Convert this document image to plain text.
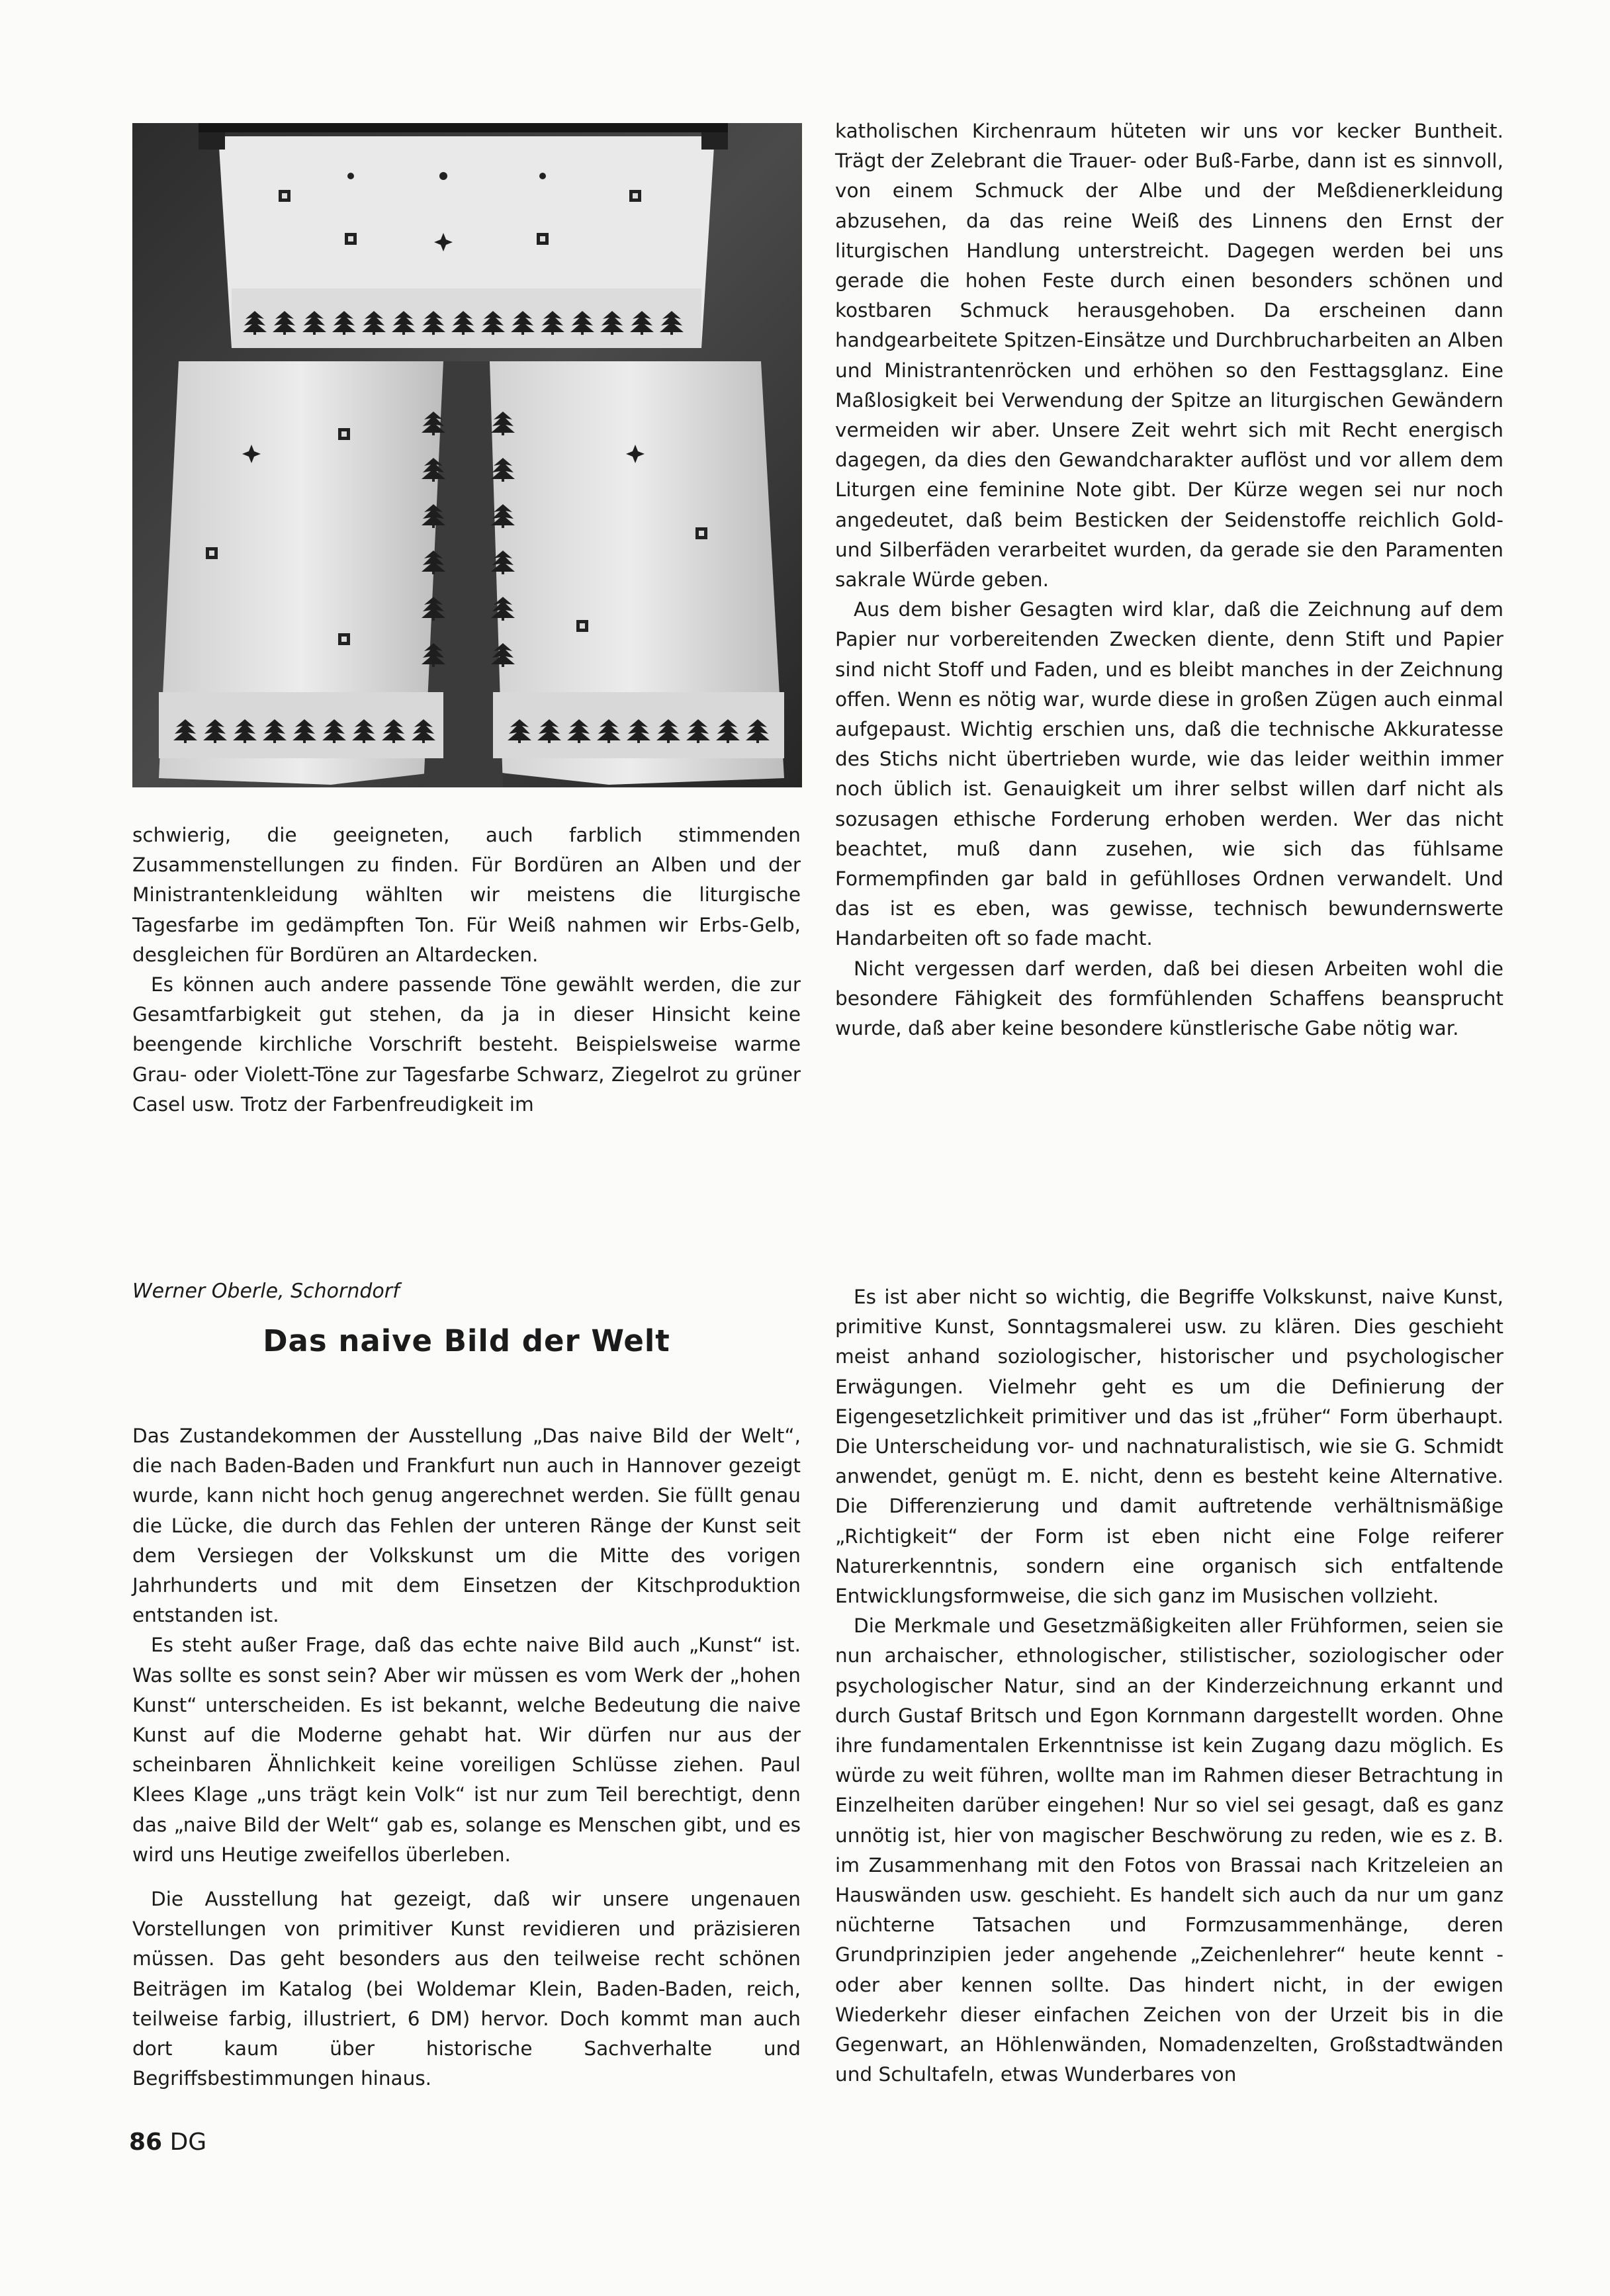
schwierig, die geeigneten, auch farblich stimmenden Zusammenstellungen zu finden. Für Bordüren an Alben und der Ministrantenkleidung wählten wir meistens die liturgische Tagesfarbe im gedämpften Ton. Für Weiß nahmen wir Erbs-Gelb, desgleichen für Bordüren an Altardecken.

Es können auch andere passende Töne gewählt werden, die zur Gesamtfarbigkeit gut stehen, da ja in dieser Hinsicht keine beengende kirchliche Vorschrift besteht. Beispielsweise warme Grau- oder Violett-Töne zur Tagesfarbe Schwarz, Ziegelrot zu grüner Casel usw. Trotz der Farbenfreudigkeit im

katholischen Kirchenraum hüteten wir uns vor kecker Buntheit. Trägt der Zelebrant die Trauer- oder Buß-Farbe, dann ist es sinnvoll, von einem Schmuck der Albe und der Meßdienerkleidung abzusehen, da das reine Weiß des Linnens den Ernst der liturgischen Handlung unterstreicht. Dagegen werden bei uns gerade die hohen Feste durch einen besonders schönen und kostbaren Schmuck herausgehoben. Da erscheinen dann handgearbeitete Spitzen-Einsätze und Durchbrucharbeiten an Alben und Ministrantenröcken und erhöhen so den Festtagsglanz. Eine Maßlosigkeit bei Verwendung der Spitze an liturgischen Gewändern vermeiden wir aber. Unsere Zeit wehrt sich mit Recht energisch dagegen, da dies den Gewandcharakter auflöst und vor allem dem Liturgen eine feminine Note gibt. Der Kürze wegen sei nur noch angedeutet, daß beim Besticken der Seidenstoffe reichlich Gold- und Silberfäden verarbeitet wurden, da gerade sie den Paramenten sakrale Würde geben.

Aus dem bisher Gesagten wird klar, daß die Zeichnung auf dem Papier nur vorbereitenden Zwecken diente, denn Stift und Papier sind nicht Stoff und Faden, und es bleibt manches in der Zeichnung offen. Wenn es nötig war, wurde diese in großen Zügen auch einmal aufgepaust. Wichtig erschien uns, daß die technische Akkuratesse des Stichs nicht übertrieben wurde, wie das leider weithin immer noch üblich ist. Genauigkeit um ihrer selbst willen darf nicht als sozusagen ethische Forderung erhoben werden. Wer das nicht beachtet, muß dann zusehen, wie sich das fühlsame Formempfinden gar bald in gefühlloses Ordnen verwandelt. Und das ist es eben, was gewisse, technisch bewundernswerte Handarbeiten oft so fade macht.

Nicht vergessen darf werden, daß bei diesen Arbeiten wohl die besondere Fähigkeit des formfühlenden Schaffens beansprucht wurde, daß aber keine besondere künstlerische Gabe nötig war.

Werner Oberle, Schorndorf
Das naive Bild der Welt

Das Zustandekommen der Ausstellung „Das naive Bild der Welt“, die nach Baden-Baden und Frankfurt nun auch in Hannover gezeigt wurde, kann nicht hoch genug angerechnet werden. Sie füllt genau die Lücke, die durch das Fehlen der unteren Ränge der Kunst seit dem Versiegen der Volkskunst um die Mitte des vorigen Jahrhunderts und mit dem Einsetzen der Kitschproduktion entstanden ist.

Es steht außer Frage, daß das echte naive Bild auch „Kunst“ ist. Was sollte es sonst sein? Aber wir müssen es vom Werk der „hohen Kunst“ unterscheiden. Es ist bekannt, welche Bedeutung die naive Kunst auf die Moderne gehabt hat. Wir dürfen nur aus der scheinbaren Ähnlichkeit keine voreiligen Schlüsse ziehen. Paul Klees Klage „uns trägt kein Volk“ ist nur zum Teil berechtigt, denn das „naive Bild der Welt“ gab es, solange es Menschen gibt, und es wird uns Heutige zweifellos überleben.

Die Ausstellung hat gezeigt, daß wir unsere ungenauen Vorstellungen von primitiver Kunst revidieren und präzisieren müssen. Das geht besonders aus den teilweise recht schönen Beiträgen im Katalog (bei Woldemar Klein, Baden-Baden, reich, teilweise farbig, illustriert, 6 DM) hervor. Doch kommt man auch dort kaum über historische Sachverhalte und Begriffsbestimmungen hinaus.

Es ist aber nicht so wichtig, die Begriffe Volkskunst, naive Kunst, primitive Kunst, Sonntagsmalerei usw. zu klären. Dies geschieht meist anhand soziologischer, historischer und psychologischer Erwägungen. Vielmehr geht es um die Definierung der Eigengesetzlichkeit primitiver und das ist „früher“ Form überhaupt. Die Unterscheidung vor- und nachnaturalistisch, wie sie G. Schmidt anwendet, genügt m. E. nicht, denn es besteht keine Alternative. Die Differenzierung und damit auftretende verhältnismäßige „Richtigkeit“ der Form ist eben nicht eine Folge reiferer Naturerkenntnis, sondern eine organisch sich entfaltende Entwicklungsformweise, die sich ganz im Musischen vollzieht.

Die Merkmale und Gesetzmäßigkeiten aller Frühformen, seien sie nun archaischer, ethnologischer, stilistischer, soziologischer oder psychologischer Natur, sind an der Kinderzeichnung erkannt und durch Gustaf Britsch und Egon Kornmann dargestellt worden. Ohne ihre fundamentalen Erkenntnisse ist kein Zugang dazu möglich. Es würde zu weit führen, wollte man im Rahmen dieser Betrachtung in Einzelheiten darüber eingehen! Nur so viel sei gesagt, daß es ganz unnötig ist, hier von magischer Beschwörung zu reden, wie es z. B. im Zusammenhang mit den Fotos von Brassai nach Kritzeleien an Hauswänden usw. geschieht. Es handelt sich auch da nur um ganz nüchterne Tatsachen und Formzusammenhänge, deren Grundprinzipien jeder angehende „Zeichenlehrer“ heute kennt - oder aber kennen sollte. Das hindert nicht, in der ewigen Wiederkehr dieser einfachen Zeichen von der Urzeit bis in die Gegenwart, an Höhlenwänden, Nomadenzelten, Großstadtwänden und Schultafeln, etwas Wunderbares von

86 DG
